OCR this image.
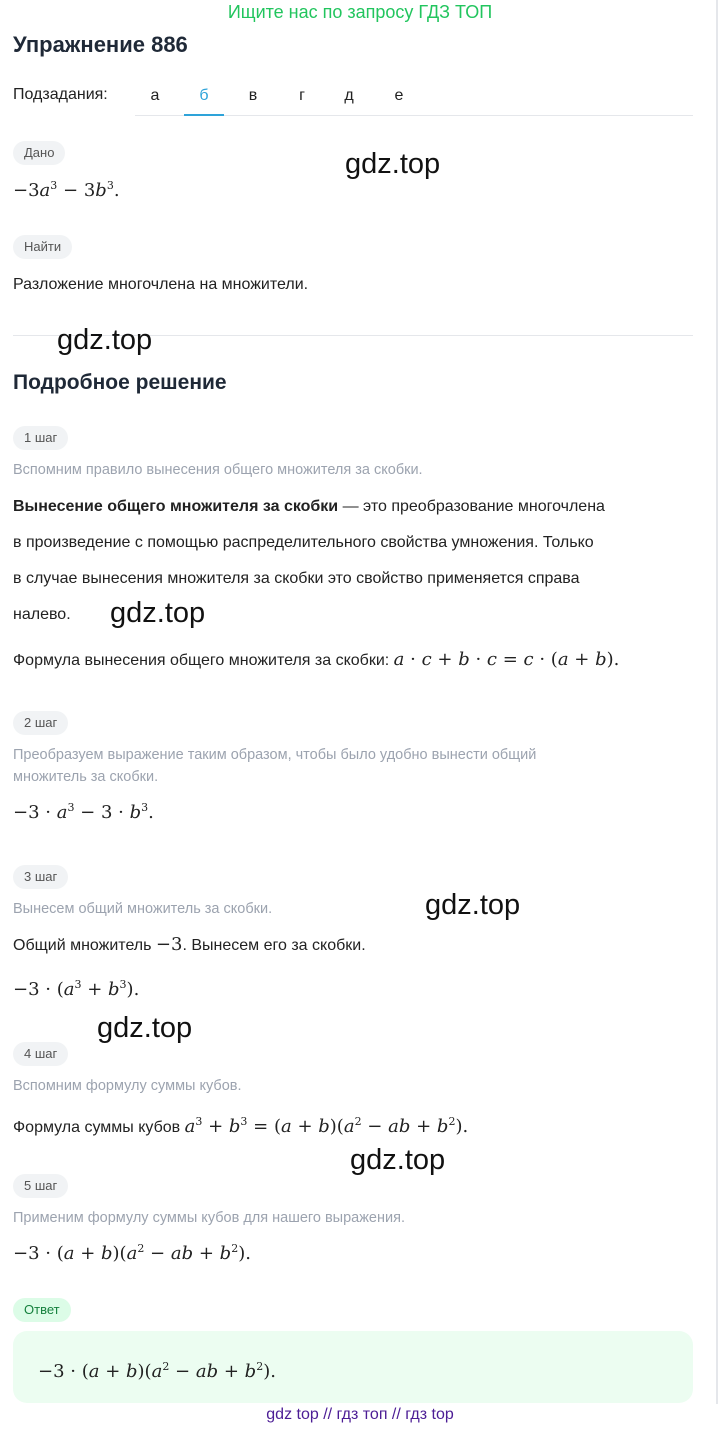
Ищите нас по запросу ГДЗ ТОП
Упражнение 886
Подзадания:	а	б	в	г	д	е
Дано
$-3a^3 - 3b^3$.
gdz.top
Найти
Разложение многочлена на множители.
gdz.top
Подробное решение
1 шаг
Вспомним правило вынесения общего множителя за скобки.
Вынесение общего множителя за скобки — это преобразование многочлена
в произведение с помощью распределительного свойства умножения. Только
в случае вынесения множителя за скобки это свойство применяется справа
налево.	gdz.top
Формула вынесения общего множителя за скобки: a · c + b · c = c · (a + b).
2 шаг
Преобразуем выражение таким образом, чтобы было удобно вынести общий
множитель за скобки.
$-3 \cdot a^3 - 3 \cdot b^3$.
3 шаг
gdz.top
Вынесем общий множитель за скобки.
Общий множитель −3. Вынесем его за скобки.
$-3 \cdot (a^3 + b^3)$.
gdz.top
4 шаг
Вспомним формулу суммы кубов.
Формула суммы кубов $a^3 + b^3 = (a + b)(a^2$ − ab + $b^2$).
gdz.top
5 шаг
Применим формулу суммы кубов для нашего выражения.
$-3 \cdot (a + b)(a^2$ − ab + $b^2$).
Ответ
$-3 \cdot (a + b)(a^2$ − ab + $b^2$).
gdz top // гдз топ // гдз top
